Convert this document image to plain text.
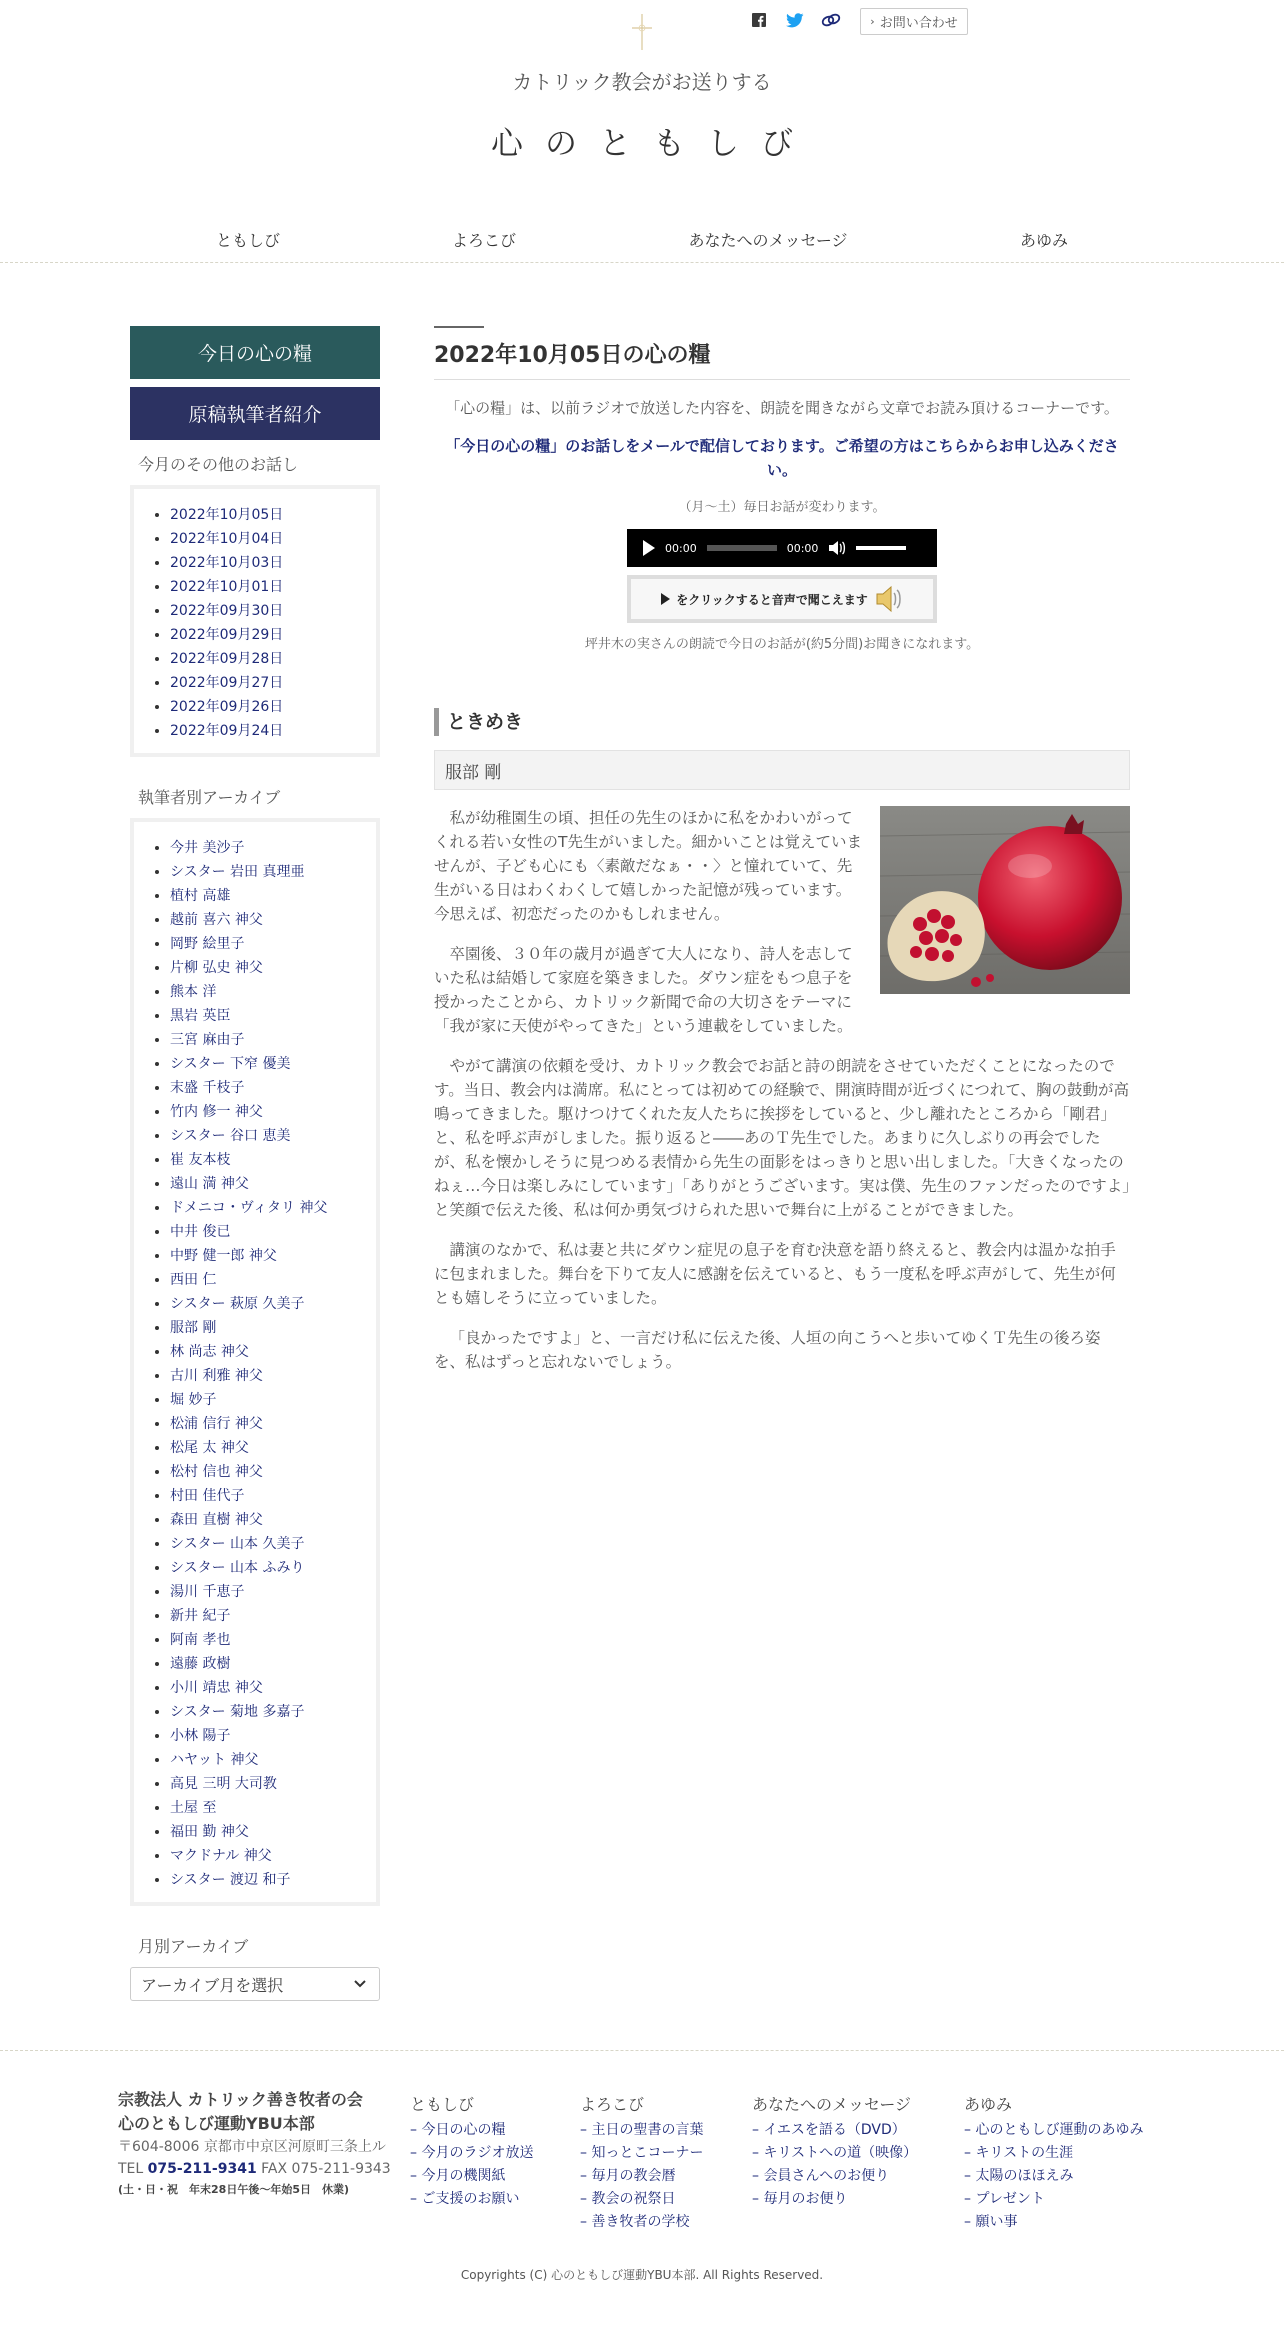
› お問い合わせ
カトリック教会がお送りする
心のともしび
ともしび	よろこび	あなたへのメッセージ	あゆみ
今日の心の糧
原稿執筆者紹介
今月のその他のお話し
• 2022年10月05日
• 2022年10月04日
• 2022年10月03日
• 2022年10月01日
• 2022年09月30日
• 2022年09月29日
• 2022年09月28日
• 2022年09月27日
• 2022年09月26日
• 2022年09月24日
執筆者別アーカイブ
• 今井 美沙子
• シスター 岩田 真理亜
• 植村 高雄
• 越前 喜六 神父
• 岡野 絵里子
• 片柳 弘史 神父
• 熊本 洋
• 黒岩 英臣
• 三宮 麻由子
• シスター 下窄 優美
• 末盛 千枝子
• 竹内 修一 神父
• シスター 谷口 恵美
• 崔 友本枝
• 遠山 満 神父
• ドメニコ・ヴィタリ 神父
• 中井 俊已
• 中野 健一郎 神父
• 西田 仁
• シスター 萩原 久美子
• 服部 剛
• 林 尚志 神父
• 古川 利雅 神父
• 堀 妙子
• 松浦 信行 神父
• 松尾 太 神父
• 松村 信也 神父
• 村田 佳代子
• 森田 直樹 神父
• シスター 山本 久美子
• シスター 山本 ふみり
• 湯川 千恵子
• 新井 紀子
• 阿南 孝也
• 遠藤 政樹
• 小川 靖忠 神父
• シスター 菊地 多嘉子
• 小林 陽子
• ハヤット 神父
• 高見 三明 大司教
• 土屋 至
• 福田 勤 神父
• マクドナル 神父
• シスター 渡辺 和子
月別アーカイブ
アーカイブ月を選択
2022年10月05日の心の糧

「心の糧」は、以前ラジオで放送した内容を、朗読を聞きながら文章でお読み頂けるコーナーです。

「今日の心の糧」のお話しをメールで配信しております。ご希望の方はこちらからお申し込みください。

（月～土）毎日お話が変わります。

00:00	00:00
をクリックすると音声で聞こえます

坪井木の実さんの朗読で今日のお話が(約5分間)お聞きになれます。

ときめき
服部 剛

私が幼稚園生の頃、担任の先生のほかに私をかわいがってくれる若い女性のT先生がいました。細かいことは覚えていませんが、子ども心にも〈素敵だなぁ・・〉と憧れていて、先生がいる日はわくわくして嬉しかった記憶が残っています。今思えば、初恋だったのかもしれません。

卒園後、３０年の歳月が過ぎて大人になり、詩人を志していた私は結婚して家庭を築きました。ダウン症をもつ息子を授かったことから、カトリック新聞で命の大切さをテーマに「我が家に天使がやってきた」という連載をしていました。

やがて講演の依頼を受け、カトリック教会でお話と詩の朗読をさせていただくことになったのです。当日、教会内は満席。私にとっては初めての経験で、開演時間が近づくにつれて、胸の鼓動が高鳴ってきました。駆けつけてくれた友人たちに挨拶をしていると、少し離れたところから「剛君」と、私を呼ぶ声がしました。振り返ると――あのＴ先生でした。あまりに久しぶりの再会でしたが、私を懐かしそうに見つめる表情から先生の面影をはっきりと思い出しました。「大きくなったのねぇ…今日は楽しみにしています」「ありがとうございます。実は僕、先生のファンだったのですよ」と笑顔で伝えた後、私は何か勇気づけられた思いで舞台に上がることができました。

講演のなかで、私は妻と共にダウン症児の息子を育む決意を語り終えると、教会内は温かな拍手に包まれました。舞台を下りて友人に感謝を伝えていると、もう一度私を呼ぶ声がして、先生が何とも嬉しそうに立っていました。

「良かったですよ」と、一言だけ私に伝えた後、人垣の向こうへと歩いてゆくＴ先生の後ろ姿を、私はずっと忘れないでしょう。

宗教法人 カトリック善き牧者の会
心のともしび運動YBU本部
〒604-8006 京都市中京区河原町三条上ル
TEL 075-211-9341 FAX 075-211-9343
(土・日・祝　年末28日午後〜年始5日　休業)
ともしび
– 今日の心の糧
– 今月のラジオ放送
– 今月の機関紙
– ご支援のお願い
よろこび
– 主日の聖書の言葉
– 知っとこコーナー
– 毎月の教会暦
– 教会の祝祭日
– 善き牧者の学校
あなたへのメッセージ
– イエスを語る（DVD）
– キリストへの道（映像）
– 会員さんへのお便り
– 毎月のお便り
あゆみ
– 心のともしび運動のあゆみ
– キリストの生涯
– 太陽のほほえみ
– プレゼント
– 願い事
Copyrights (C) 心のともしび運動YBU本部. All Rights Reserved.
